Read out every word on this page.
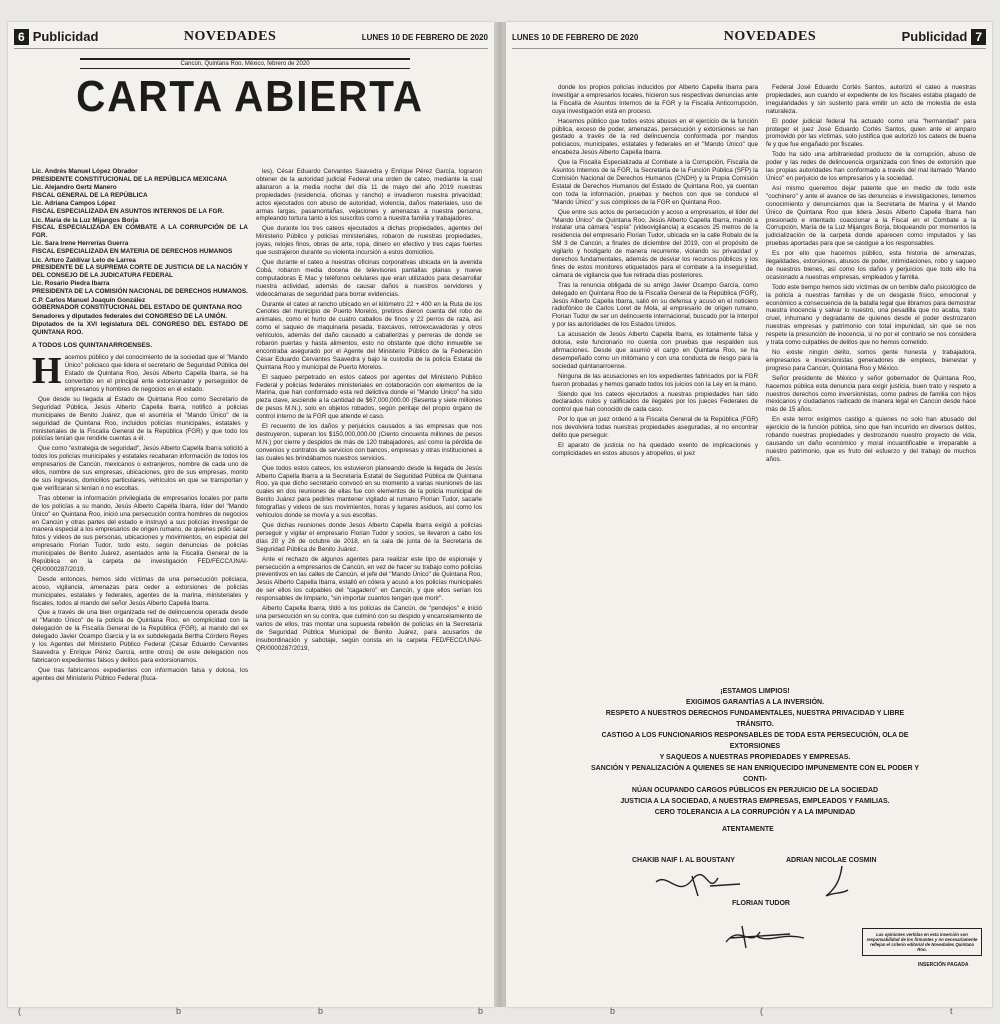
6 Publicidad	NOVEDADES	LUNES 10 DE FEBRERO DE 2020	LUNES 10 DE FEBRERO DE 2020	NOVEDADES	Publicidad 7
Cancún, Quintana Roo, México, febrero de 2020
CARTA ABIERTA
Lic. Andrés Manuel López Obrador
PRESIDENTE CONSTITUCIONAL DE LA REPÚBLICA MEXICANA
Lic. Alejandro Gertz Manero
FISCAL GENERAL DE LA REPÚBLICA
Lic. Adriana Campos López
FISCAL ESPECIALIZADA EN ASUNTOS INTERNOS DE LA FGR.
Lic. María de la Luz Mijangos Borja
FISCAL ESPECIALIZADA EN COMBATE A LA CORRUPCIÓN DE LA FGR.
Lic. Sara Irene Herrerías Guerra
FISCAL ESPECIALIZADA EN MATERIA DE DERECHOS HUMANOS
Lic. Arturo Zaldívar Lelo de Larrea
PRESIDENTE DE LA SUPREMA CORTE DE JUSTICIA DE LA NACIÓN Y DEL CONSEJO DE LA JUDICATURA FEDERAL
Lic. Rosario Piedra Ibarra
PRESIDENTA DE LA COMISIÓN NACIONAL DE DERECHOS HUMANOS.
C.P. Carlos Manuel Joaquín González
GOBERNADOR CONSTITUCIONAL DEL ESTADO DE QUINTANA ROO
Senadores y diputados federales del CONGRESO DE LA UNIÓN.
Diputados de la XVI legislatura DEL CONGRESO DEL ESTADO DE QUINTANA ROO.
A TODOS LOS QUINTANARROENSES.
H acemos público y del conocimiento de la sociedad que el "Mando Único" policiaco que lidera el secretario de Seguridad Pública del Estado de Quintana Roo, Jesús Alberto Capella Ibarra, se ha convertido en el principal ente extorsionador y perseguidor de empresarios y hombres de negocios en el estado.

Que desde su llegada al Estado de Quintana Roo como Secretario de Seguridad Pública, Jesús Alberto Capella Ibarra, notificó a policías municipales de Benito Juárez, que el asumiría el "Mando Único" de la seguridad de Quintana Roo, incluidos policías municipales, estatales y ministeriales de la Fiscalía General de la República (FGR) y que todo los policías tenían que rendirle cuentas a él.

Que como "estrategia de seguridad", Jesús Alberto Capella Ibarra solicitó a todos los policías municipales y estatales recabaran información de todos los empresarios de Cancún, mexicanos o extranjeros, nombre de cada uno de ellos, nombre de sus empresas, ubicaciones, giro de sus empresas, monto de sus ingresos, domicilios particulares, vehículos en que se transportan y que verificaran si tenían o no escoltas.

Tras obtener la información privilegiada de empresarios locales por parte de los policías a su mando, Jesús Alberto Capella Ibarra, líder del "Mando Único" en Quintana Roo, inició una persecución contra hombres de negocios en Cancún y otras partes del estado e instruyó a sus policías investigar de manera especial a los empresarios de origen rumano, de quienes pidió sacar fotos y videos de sus personas, ubicaciones y movimientos, en especial del empresario Florian Tudor, todo esto, según denuncias de policías municipales de Benito Juárez, asentados ante la Fiscalía General de la República en la carpeta de investigación FED/FECC/UNAI-QR/0000287/2019.

Desde entonces, hemos sido víctimas de una persecución policiaca, acoso, vigilancia, amenazas para ceder a extorsiones de policías municipales, estatales y federales, agentes de la marina, ministeriales y fiscales, todos al mando del señor Jesús Alberto Capella Ibarra.

Que a través de una bien organizada red de delincuencia operada desde el "Mando Único" de la policía de Quintana Roo, en complicidad con la delegación de la Fiscalía General de la República (FGR), al mando del ex delegado Javier Ocampo García y la ex subdelegada Bertha Córdero Reyes y los Agentes del Ministerio Público Federal (César Eduardo Cervantes Saavedra y Enrique Pérez García, entre otros) de este delegación nos fabricaron expedientes falsos y delitos para extorsionarnos.

Que tras fabricarnos expedientes con información falsa y dolosa, los agentes del Ministerio Público Federal (fisca-

les), César Eduardo Cervantes Saavedra y Enrique Pérez García, lograron obtener de la autoridad judicial Federal una orden de cateo, mediante la cual allanaron a la media noche del día 11 de mayo del año 2019 nuestras propiedades (residencia, oficinas y rancho) e invadieron nuestra privacidad; actos ejecutados con abuso de autoridad, violencia, daños materiales, uso de armas largas, pasamontañas, vejaciones y amenazas a nuestra persona, empleando tortura tanto a los suscritos como a nuestra familia y trabajadores.

Que durante los tres cateos ejecutados a dichas propiedades, agentes del Ministerio Público y policías ministeriales, robaron de nuestras propiedades, joyas, relojes finos, obras de arte, ropa, dinero en efectivo y tres cajas fuertes que sustrajeron durante su violenta incursión a estos domicilios.

Que durante el cateo a nuestras oficinas corporativas ubicada en la avenida Cobá, robaron media docena de televisores pantallas planas y nueve computadoras E Mac y teléfonos celulares que eran utilizados para desarrollar nuestra actividad, además de causar daños a nuestros servidores y videocámaras de seguridad para borrar evidencias.

Durante el cateo al rancho ubicado en el kilómetro 22 + 400 en la Ruta de los Cenotes del municipio de Puerto Morelos, pretiros dieron cuenta del robo de animales, como el hurto de cuatro caballos de finos y 22 perros de raza, así como el saqueo de maquinaria pesada, traxcavos, retroexcavadoras y otros vehículos, además del daño causado a caballerizas y perreras de donde se robaron puertas y hasta alimentos, esto no obstante que dicho inmueble se encontraba asegurado por el Agente del Ministerio Público de la Federación César Eduardo Cervantes Saavedra y bajo la custodia de la policía Estatal de Quintana Roo y municipal de Puerto Morelos.

El saqueo perpetrado en estos cateos por agentes del Ministerio Público Federal y policías federales ministeriales en colaboración con elementos de la Marina, que han conformado esta red delictiva donde el "Mando Único" ha sido pieza clave, asciende a la cantidad de $67,000,000.00 (Sesenta y siete millones de pesos M.N.), solo en objetos robados, según peritaje del propio órgano de control interno de la FGR que atiende el caso.

El recuento de los daños y perjuicios causados a las empresas que nos destruyeron, superan los $150,000,000.00 (Ciento cincuenta millones de pesos M.N.) por cierre y despidos de más de 120 trabajadores, así como la pérdida de convenios y contratos de servicios con bancos, empresas y otras instituciones a las cuales les brindábamos nuestros servicios.

Que todos estos cateos, los estuvieron planeando desde la llegada de Jesús Alberto Capella Ibarra a la Secretaría Estatal de Seguridad Pública de Quintana Roo, ya que dicho secretario convocó en su momento a varias reuniones de las cuales en dos reuniones de ellas fue con elementos de la policía municipal de Benito Juárez para pedirles mantener vigilado al rumano Florian Tudor, sacarle fotografías y videos de sus movimientos, horas y lugares asiduos, así como los vehículos donde se movía y a sus escoltas.

Que dichas reuniones donde Jesús Alberto Capella Ibarra exigió a policías perseguir y vigilar el empresario Florian Tudor y socios, se llevaron a cabo los días 20 y 26 de octubre de 2018, en la sala de junta de la Secretaría de Seguridad Pública de Benito Juárez.

Ante el rechazo de algunos agentes para realizar este tipo de espionaje y persecución a empresarios de Cancún, en vez de hacer su trabajo como policías preventivos en las calles de Cancún, el jefe del "Mando Único" de Quintana Roo, Jesús Alberto Capella Ibarra, estalló en cólera y acusó a los policías municipales de ser ellos los culpables del "cagadero" en Cancún, y que ellos serían los responsables de limpiarlo, "sin importar cuantos tengan que morir".

Alberto Capella Ibarra, tildó a los policías de Cancún, de "pendejos" e inició una persecución en su contra, que culminó con su despido y encarcelamiento de varios de ellos, tras montar una supuesta rebelión de policías en la Secretaría de Seguridad Pública Municipal de Benito Juárez, para acusarlos de insubordinación y sabotaje, según consta en la carpeta FED/FECC/UNAI-QR/0000287/2019,

donde los propios policías inducidos por Alberto Capella Ibarra para investigar a empresarios locales, hicieron sus respectivas denuncias ante la Fiscalía de Asuntos Internos de la FGR y la Fiscalía Anticorrupción, cuya investigación está en proceso.

Hacemos público que todos estos abusos en el ejercicio de la función pública, exceso de poder, amenazas, persecución y extorsiones se han gestado a través de la red delincuencia conformada por mandos policiacos, municipales, estatales y federales en el "Mando Único" que encabeza Jesús Alberto Capella Ibarra.

Que la Fiscalía Especializada al Combate a la Corrupción, Fiscalía de Asuntos Internos de la FGR, la Secretaría de la Función Pública (SFP) la Comisión Nacional de Derechos Humanos (CNDH) y la Propia Comisión Estatal de Derechos Humanos del Estado de Quintana Roo, ya cuentan con toda la información, pruebas y hechos con que se conduce el "Mando Único" y sus cómplices de la FGR en Quintana Roo.

Que entre sus actos de persecución y acoso a empresarios, el líder del "Mando Único" de Quintana Roo, Jesús Alberto Capella Ibarra, mandó a instalar una cámara "espía" (videovigilancia) a escasos 25 metros de la residencia del empresario Florian Tudor, ubicada en la calle Robalo de la SM 3 de Cancún, a finales de diciembre del 2019, con el propósito de vigilarlo y hostigarlo de manera recurrente, violando su privacidad y derechos fundamentales, además de desviar los recursos públicos y los fines de estos monitores etiquetados para el combate a la inseguridad, cámara de vigilancia que fue retirada días posteriores.

Tras la renuncia obligada de su amigo Javier Ocampo García, como delegado en Quintana Roo de la Fiscalía General de la República (FGR), Jesús Alberto Capella Ibarra, salió en su defensa y acusó en el noticiero radiofónico de Carlos Loret de Mola, al empresario de origen rumano, Florian Tudor de ser un delincuente internacional, buscado por la Interpol y por las autoridades de los Estados Unidos.

La acusación de Jesús Alberto Capella Ibarra, es totalmente falsa y dolosa, este funcionario no cuenta con pruebas que respalden sus afirmaciones. Desde que asumió el cargo en Quintana Roo, se ha desempeñado como un mitómano y con una conducta de riesgo para la sociedad quintanarroense.

Ninguna de las acusaciones en los expedientes fabricados por la FGR fueron probadas y hemos ganado todos los juicios con la Ley en la mano.

Siendo que los cateos ejecutados a nuestras propiedades han sido declarados nulos y calificados de ilegales por los jueces Federales de control que han conocido de cada caso.

Por lo que un juez ordenó a la Fiscalía General de la República (FGR) nos devolviera todas nuestras propiedades aseguradas, al no encontrar delito que perseguir.

El aparato de justicia no ha quedado exento de implicaciones y complicidades en estos abusos y atropellos, el juez

Federal José Eduardo Cortés Santos, autorizó el cateo a nuestras propiedades, aun cuando el expediente de los fiscales estaba plagado de irregularidades y sin sustento para emitir un acto de molestia de esta naturaleza.

El poder judicial federal ha actuado como una "hermandad" para proteger el juez José Eduardo Cortés Santos, quien ante el amparo promovido por las víctimas, solo justifica que autorizó los cateos de buena fe y que fue engañado por fiscales.

Todo ha sido una arbitrariedad producto de la corrupción, abuso de poder y las redes de delincuencia organizada con fines de extorsión que las propias autoridades han conformado a través del mal llamado "Mando Único" en perjuicio de los empresarios y la sociedad.

Así mismo queremos dejar patente que en medio de todo este "cochinero" y ante el avance de las denuncias e investigaciones, tenemos conocimiento y denunciamos que la Secretaría de Marina y el Mando Único de Quintana Roo que lidera Jesús Alberto Capella Ibarra han presionado e intentado coaccionar a la Fiscal en el Combate a la Corrupción, María de la Luz Mijangos Borja, bloqueando por momentos la judicialización de la carpeta donde aparecen como imputados y las pruebas aportadas para que se castigue a los responsables.

Es por ello que hacemos público, esta historia de amenazas, ilegalidades, extorsiones, abusos de poder, intimidaciones, robo y saqueo de nuestros bienes, así como los daños y perjuicios que todo ello ha ocasionado a nuestras empresas, empleados y familia.

Todo este tiempo hemos sido víctimas de un terrible daño psicológico de la policía a nuestras familias y de un desgaste físico, emocional y económico a consecuencia de la batalla legal que libramos para demostrar nuestra inocencia y salvar lo nuestro, una pesadilla que no acaba, trato cruel, inhumano y degradante de quienes desde el poder destrozaron nuestras empresas y patrimonio con total impunidad, sin que se nos respete la presunción de inocencia, si no por el contrario se nos considera y trata como culpables de delitos que no hemos cometido.

No existe ningún delito, somos gente honesta y trabajadora, empresarios e inversionistas generadores de empleos, bienestar y progreso para Cancún, Quintana Roo y México.

Señor presidente de México y señor gobernador de Quintana Roo, hacemos pública esta denuncia para exigir justicia, buen trato y respeto a nuestros derechos como inversionistas, como padres de familia con hijos mexicanos y ciudadanos radicado de manera legal en Cancún desde hace más de 15 años.

En este terror exigimos castigo a quienes no solo han abusado del ejercicio de la función pública, sino que han incurrido en diversos delitos, robando nuestras propiedades y destrozando nuestro proyecto de vida, causando un daño económico y moral incuantificable e irreparable a nuestro patrimonio, que es fruto del esfuerzo y del trabajo de muchos años.

¡ESTAMOS LIMPIOS!

EXIGIMOS GARANTÍAS A LA INVERSIÓN.

RESPETO A NUESTROS DERECHOS FUNDAMENTALES, NUESTRA PRIVACIDAD Y LIBRE TRÁNSITO.

CASTIGO A LOS FUNCIONARIOS RESPONSABLES DE TODA ESTA PERSECUCIÓN, OLA DE EXTORSIONES

Y SAQUEOS A NUESTRAS PROPIEDADES Y EMPRESAS.

SANCIÓN Y PENALIZACIÓN A QUIENES SE HAN ENRIQUECIDO IMPUNEMENTE CON EL PODER Y CONTI-

NÚAN OCUPANDO CARGOS PÚBLICOS EN PERJUICIO DE LA SOCIEDAD

JUSTICIA A LA SOCIEDAD, A NUESTRAS EMPRESAS, EMPLEADOS Y FAMILIAS.

CERO TOLERANCIA A LA CORRUPCIÓN Y A LA IMPUNIDAD

ATENTAMENTE
CHAKIB NAIF I. AL BOUSTANY	ADRIAN NICOLAE COSMIN
FLORIAN TUDOR
Las opiniones vertidas en esta inserción son responsabilidad de los firmantes y no necesariamente reflejan el criterio editorial de Novedades Quintana Roo.
INSERCIÓN PAGADA
(	b	b	b	b	(	t
